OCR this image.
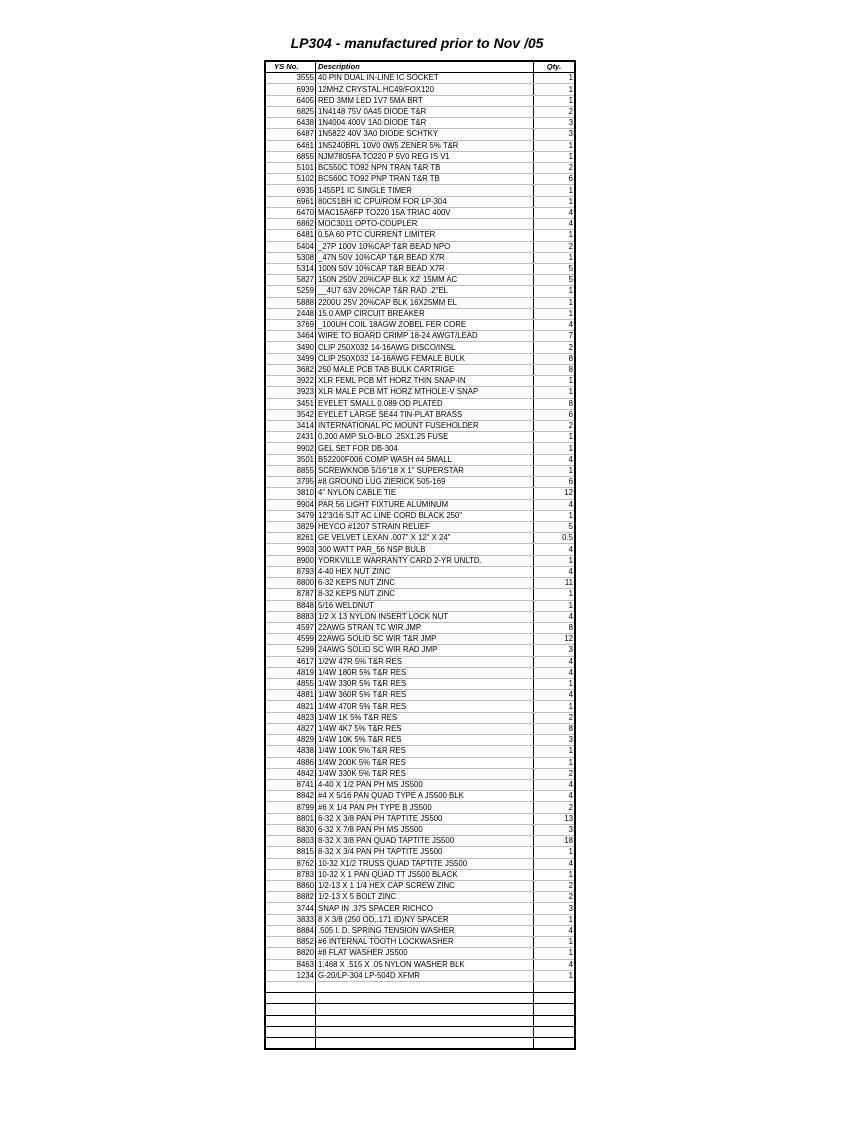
LP304 - manufactured prior to Nov /05
YS No.	Description	Qty.
3555	40 PIN DUAL IN-LINE IC SOCKET	1
6939	12MHZ CRYSTAL HC49/FOX120	1
6405	RED 3MM LED 1V7 5MA BRT	1
6825	1N4148 75V 0A45 DIODE T&R	2
6438	1N4004 400V 1A0 DIODE T&R	3
6487	1N5822 40V 3A0 DIODE SCHTKY	3
6461	1N5240BRL 10V0 0W5 ZENER 5% T&R	1
6855	NJM7805FA TO220 P 5V0 REG IS V1	1
5101	BC550C TO92 NPN TRAN T&R TB	2
5102	BC560C TO92 PNP TRAN T&R TB	6
6935	1455P1 IC SINGLE TIMER	1
6961	80C51BH IC CPU/ROM FOR LP-304	1
6470	MAC15A6FP TO220 15A TRIAC 400V	4
6862	MOC3011 OPTO-COUPLER	4
6481	0.5A 60 PTC CURRENT LIMITER	1
5404	_27P 100V 10%CAP T&R BEAD NPO	2
5308	_47N 50V 10%CAP T&R BEAD X7R	1
5314	100N 50V 10%CAP T&R BEAD X7R	5
5827	150N 250V 20%CAP BLK X2' 15MM AC	5
5259	__4U7 63V 20%CAP T&R RAD .2"EL	1
5888	2200U 25V 20%CAP BLK 16X25MM EL	1
2448	15.0 AMP CIRCUIT BREAKER	1
3769	_100UH COIL 18AGW ZOBEL FER CORE	4
3464	WIRE TO BOARD CRIMP 18-24 AWGT/LEAD	7
3490	CLIP 250X032 14-16AWG DISCO/INSL	2
3499	CLIP 250X032 14-16AWG FEMALE BULK	8
3682	250 MALE PCB TAB BULK CARTRIGE	8
3922	XLR FEML PCB MT HORZ THIN SNAP-IN	1
3923	XLR MALE PCB MT HORZ MTHOLE-V SNAP	1
3451	EYELET SMALL 0.089 OD PLATED	8
3542	EYELET LARGE SE44 TIN-PLAT BRASS	6
3414	INTERNATIONAL PC MOUNT FUSEHOLDER	2
2431	0.200 AMP SLO-BLO .25X1.25 FUSE	1
9902	GEL SET FOR DB-304	1
3501	B52200F006 COMP WASH #4 SMALL	4
8855	SCREWKNOB 5/16"18 X 1" SUPERSTAR	1
3795	#8 GROUND LUG ZIERICK 505-169	6
3810	4" NYLON CABLE TIE	12
9904	PAR 56 LIGHT FIXTURE ALUMINUM	4
3479	12'3/16 SJT AC LINE CORD BLACK 250"	1
3829	HEYCO #1207 STRAIN RELIEF	5
8261	GE VELVET LEXAN .007" X 12" X 24"	0.5
9903	300 WATT PAR_56 NSP BULB	4
8900	YORKVILLE WARRANTY CARD 2-YR UNLTD.	1
8793	4-40 HEX NUT ZINC	4
8800	6-32 KEPS NUT ZINC	11
8787	8-32 KEPS NUT ZINC	1
8848	5/16 WELDNUT	1
8883	1/2 X 13 NYLON INSERT LOCK NUT	4
4597	22AWG STRAN TC WIR JMP	8
4599	22AWG SOLID SC WIR T&R JMP	12
5299	24AWG SOLID SC WIR RAD JMP	3
4617	1/2W 47R 5% T&R RES	4
4819	1/4W 180R 5% T&R RES	4
4855	1/4W 330R 5% T&R RES	1
4881	1/4W 360R 5% T&R RES	4
4821	1/4W 470R 5% T&R RES	1
4823	1/4W 1K 5% T&R RES	2
4827	1/4W 4K7 5% T&R RES	8
4829	1/4W 10K 5% T&R RES	3
4838	1/4W 100K 5% T&R RES	1
4886	1/4W 200K 5% T&R RES	1
4842	1/4W 330K 5% T&R RES	2
8741	4-40 X 1/2 PAN PH MS JS500	4
8842	#4 X 5/16 PAN QUAD TYPE A JS500 BLK	4
8799	#6 X 1/4 PAN PH TYPE B JS500	2
8801	6-32 X 3/8 PAN PH TAPTITE JS500	13
8830	6-32 X 7/8 PAN PH MS JS500	3
8803	8-32 X 3/8 PAN QUAD TAPTITE JS500	18
8815	8-32 X 3/4 PAN PH TAPTITE JS500	1
8762	10-32 X1/2 TRUSS QUAD TAPTITE JS500	4
8783	10-32 X 1 PAN QUAD TT JS500 BLACK	1
8860	1/2-13 X 1 1/4 HEX CAP SCREW ZINC	2
8882	1/2-13 X 5 BOLT ZINC	2
3744	SNAP IN .375 SPACER RICHCO	3
3833	8 X 3/8 (250 OD,.171 ID)NY SPACER	1
8884	.505 I. D. SPRING TENSION WASHER	4
8852	#6 INTERNAL TOOTH LOCKWASHER	1
8820	#8 FLAT WASHER JS500	1
8463	1.468 X .515 X .05 NYLON WASHER BLK	4
1234	G-20/LP-304 LP-504D XFMR	1
